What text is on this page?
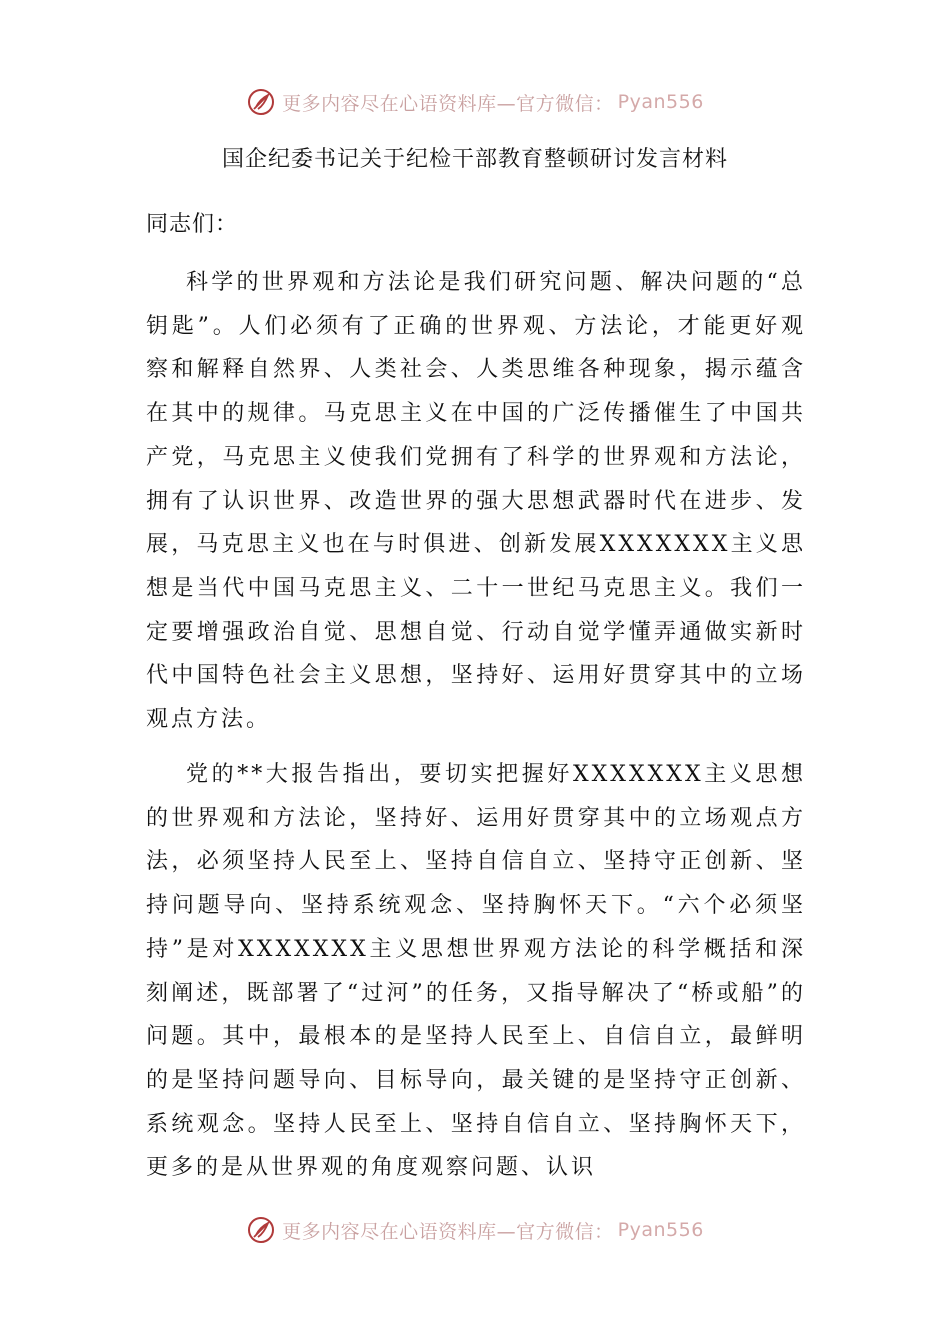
更多内容尽在心语资料库—官方微信： Pyan556
国企纪委书记关于纪检干部教育整顿研讨发言材料
同志们：
科学的世界观和方法论是我们研究问题、解决问题的“总钥匙”。人们必须有了正确的世界观、方法论，才能更好观察和解释自然界、人类社会、人类思维各种现象，揭示蕴含在其中的规律。马克思主义在中国的广泛传播催生了中国共产党，马克思主义使我们党拥有了科学的世界观和方法论，拥有了认识世界、改造世界的强大思想武器时代在进步、发展，马克思主义也在与时俱进、创新发展XXXXXXX主义思想是当代中国马克思主义、二十一世纪马克思主义。我们一定要增强政治自觉、思想自觉、行动自觉学懂弄通做实新时代中国特色社会主义思想，坚持好、运用好贯穿其中的立场观点方法。
党的**大报告指出，要切实把握好XXXXXXX主义思想的世界观和方法论，坚持好、运用好贯穿其中的立场观点方法，必须坚持人民至上、坚持自信自立、坚持守正创新、坚持问题导向、坚持系统观念、坚持胸怀天下。“六个必须坚持”是对XXXXXXX主义思想世界观方法论的科学概括和深刻阐述，既部署了“过河”的任务，又指导解决了“桥或船”的问题。其中，最根本的是坚持人民至上、自信自立，最鲜明的是坚持问题导向、目标导向，最关键的是坚持守正创新、系统观念。坚持人民至上、坚持自信自立、坚持胸怀天下，更多的是从世界观的角度观察问题、认识
更多内容尽在心语资料库—官方微信： Pyan556
